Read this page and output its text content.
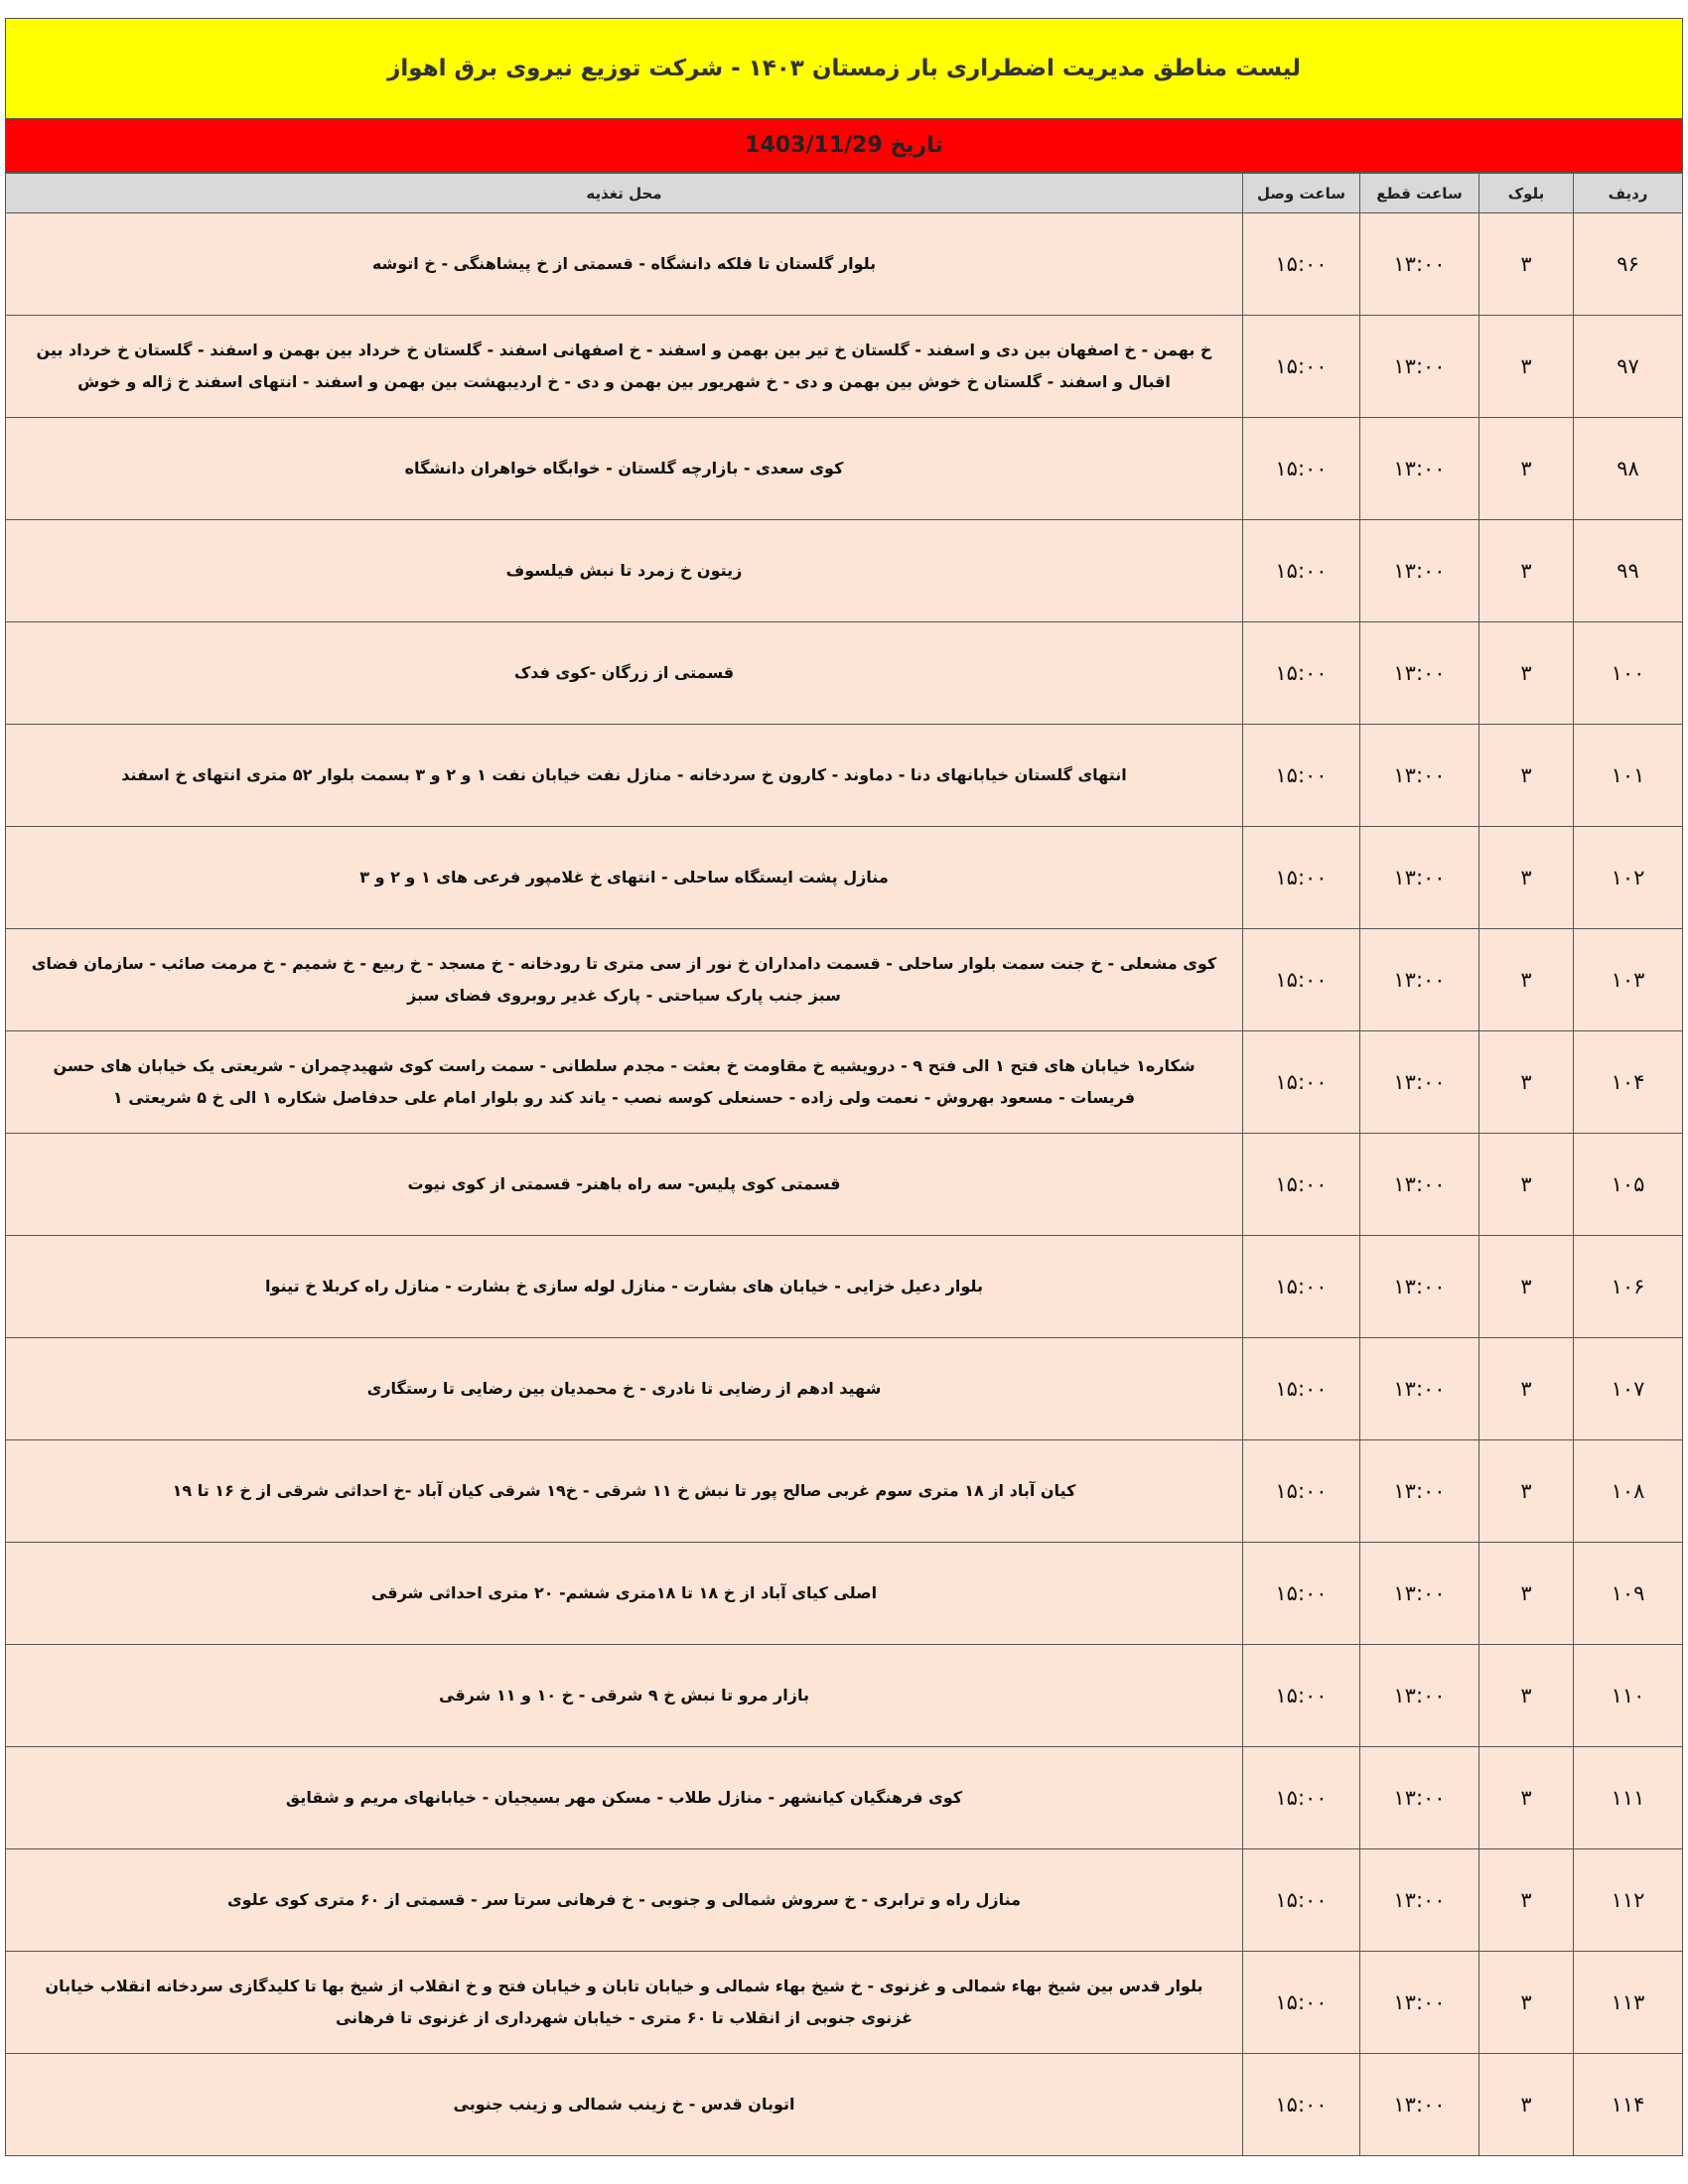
لیست مناطق مدیریت اضطراری بار زمستان ۱۴۰۳ - شرکت توزیع نیروی برق اهواز
تاریخ 1403/11/29
ردیف	بلوک	ساعت قطع	ساعت وصل	محل تغذیه
۹۶	۳	۱۳:۰۰	۱۵:۰۰	بلوار گلستان تا فلکه دانشگاه - قسمتی از خ پیشاهنگی - خ اتوشه
۹۷	۳	۱۳:۰۰	۱۵:۰۰	خ بهمن - خ اصفهان بین دی و اسفند - گلستان خ تیر بین بهمن و اسفند - خ اصفهانی اسفند - گلستان خ خرداد بین بهمن و اسفند - گلستان خ خرداد بین اقبال و اسفند - گلستان خ خوش بین بهمن و دی - خ شهریور بین بهمن و دی - خ اردیبهشت بین بهمن و اسفند - انتهای اسفند خ ژاله و خوش
۹۸	۳	۱۳:۰۰	۱۵:۰۰	کوی سعدی - بازارچه گلستان - خوابگاه خواهران دانشگاه
۹۹	۳	۱۳:۰۰	۱۵:۰۰	زیتون خ زمرد تا نبش فیلسوف
۱۰۰	۳	۱۳:۰۰	۱۵:۰۰	قسمتی از زرگان -کوی فدک
۱۰۱	۳	۱۳:۰۰	۱۵:۰۰	انتهای گلستان خیابانهای دنا - دماوند - کارون خ سردخانه - منازل نفت خیابان نفت ۱ و ۲ و ۳ بسمت بلوار ۵۲ متری انتهای خ اسفند
۱۰۲	۳	۱۳:۰۰	۱۵:۰۰	منازل پشت ایستگاه ساحلی - انتهای خ غلامپور فرعی های ۱ و ۲ و ۳
۱۰۳	۳	۱۳:۰۰	۱۵:۰۰	کوی مشعلی - خ جنت سمت بلوار ساحلی - قسمت دامداران خ نور از سی متری تا رودخانه - خ مسجد - خ ربیع - خ شمیم - خ مرمت صائب - سازمان فضای سبز جنب پارک سیاحتی - پارک غدیر روبروی فضای سبز
۱۰۴	۳	۱۳:۰۰	۱۵:۰۰	شکاره۱ خیابان های فتح ۱ الی فتح ۹ - درویشیه خ مقاومت خ بعثت - مجدم سلطانی - سمت راست کوی شهیدچمران - شریعتی یک خیابان های حسن فریسات - مسعود بهروش - نعمت ولی زاده - حسنعلی کوسه نصب - یاند کند رو بلوار امام علی حدفاصل شکاره ۱ الی خ ۵ شریعتی ۱
۱۰۵	۳	۱۳:۰۰	۱۵:۰۰	قسمتی کوی پلیس- سه راه باهنر- قسمتی از کوی نیوت
۱۰۶	۳	۱۳:۰۰	۱۵:۰۰	بلوار دعیل خزایی - خیابان های بشارت - منازل لوله سازی خ بشارت - منازل راه کربلا خ تینوا
۱۰۷	۳	۱۳:۰۰	۱۵:۰۰	شهید ادهم از رضایی تا نادری - خ محمدیان بین رضایی تا رستگاری
۱۰۸	۳	۱۳:۰۰	۱۵:۰۰	کیان آباد از ۱۸ متری سوم غربی صالح پور تا نبش خ ۱۱ شرقی - خ۱۹ شرقی کیان آباد -خ احداثی شرقی از خ ۱۶ تا ۱۹
۱۰۹	۳	۱۳:۰۰	۱۵:۰۰	اصلی کیای آباد از خ ۱۸ تا ۱۸متری ششم- ۲۰ متری احداثی شرقی
۱۱۰	۳	۱۳:۰۰	۱۵:۰۰	بازار مرو تا نبش خ ۹ شرقی - خ ۱۰ و ۱۱ شرقی
۱۱۱	۳	۱۳:۰۰	۱۵:۰۰	کوی فرهنگیان کیانشهر - منازل طلاب - مسکن مهر بسیجیان - خیابانهای مریم و شقایق
۱۱۲	۳	۱۳:۰۰	۱۵:۰۰	منازل راه و ترابری - خ سروش شمالی و جنوبی - خ فرهانی سرتا سر - قسمتی از ۶۰ متری کوی علوی
۱۱۳	۳	۱۳:۰۰	۱۵:۰۰	بلوار قدس بین شیخ بهاء شمالی و غزنوی - خ شیخ بهاء شمالی و خیابان تابان و خیابان فتح و خ انقلاب از شیخ بها تا کلیدگازی سردخانه انقلاب خیابان غزنوی جنوبی از انقلاب تا ۶۰ متری - خیابان شهرداری از غزنوی تا فرهانی
۱۱۴	۳	۱۳:۰۰	۱۵:۰۰	اتوبان قدس - خ زینب شمالی و زینب جنوبی
